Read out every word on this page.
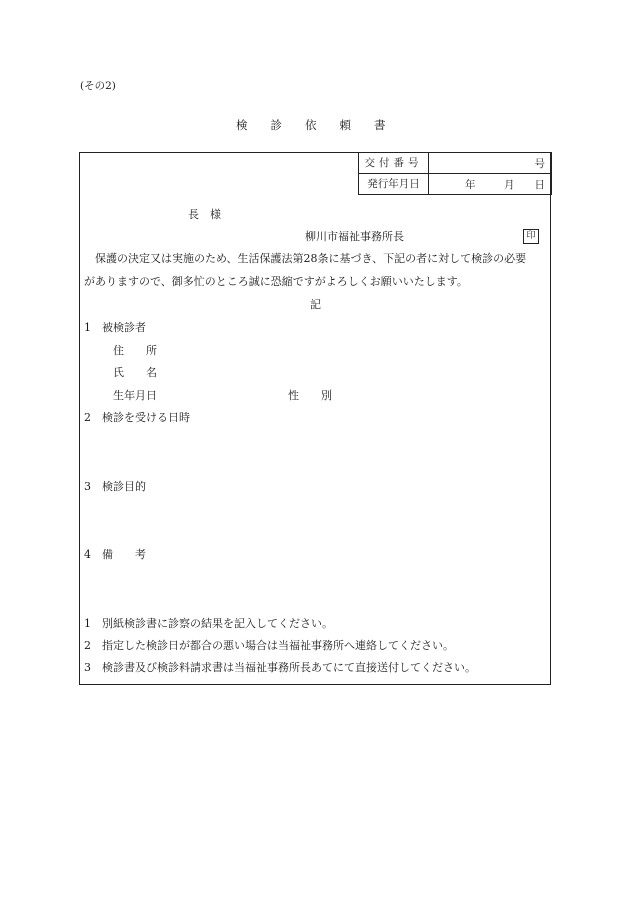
(その2)
検診依頼書
交付番号	号

発行年月日	年 月 日
長　様
柳川市福祉事務所長	印
保護の決定又は実施のため、生活保護法第28条に基づき、下記の者に対して検診の必要
がありますので、御多忙のところ誠に恐縮ですがよろしくお願いいたします。
記
1　被検診者
住　　所
氏　　名
生年月日	性　　別
2　検診を受ける日時
3　検診目的
4　備　　考
1　別紙検診書に診察の結果を記入してください。
2　指定した検診日が都合の悪い場合は当福祉事務所へ連絡してください。
3　検診書及び検診料請求書は当福祉事務所長あてにて直接送付してください。
